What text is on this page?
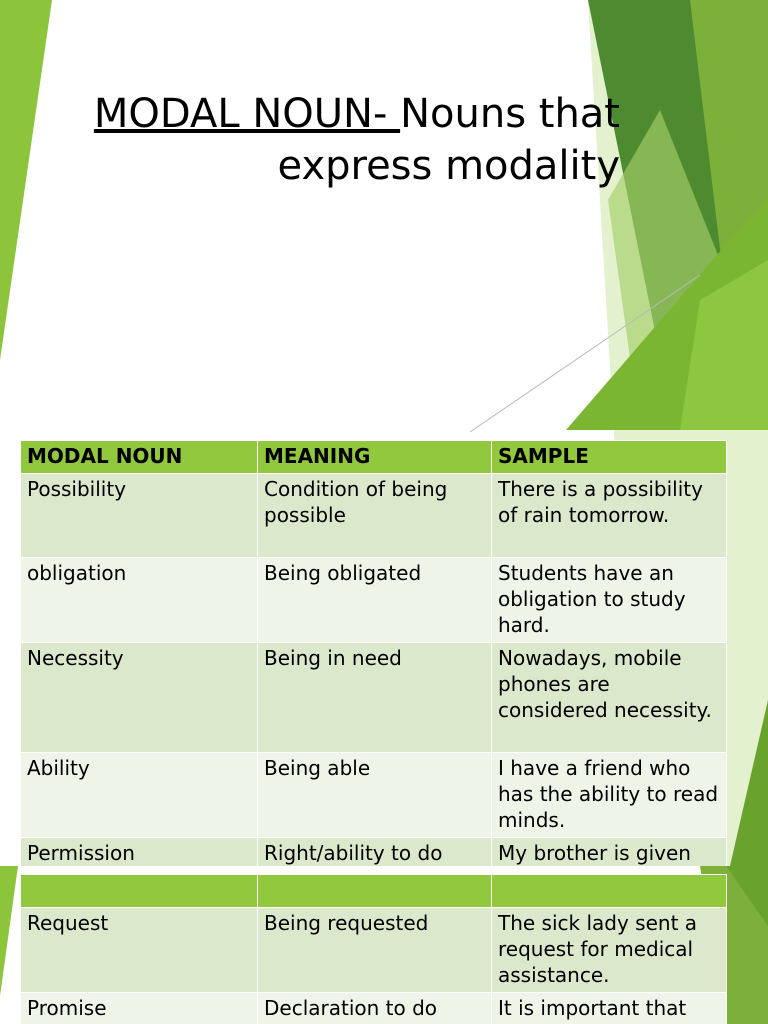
MODAL NOUN- Nouns that express modality
MODAL NOUN	MEANING	SAMPLE
Possibility	Condition of being possible	There is a possibility of rain tomorrow.
obligation	Being obligated	Students have an obligation to study hard.
Necessity	Being in need	Nowadays, mobile phones are considered necessity.
Ability	Being able	I have a friend who has the ability to read minds.
Permission	Right/ability to do	My brother is given

Request	Being requested	The sick lady sent a request for medical assistance.
Promise	Declaration to do	It is important that
